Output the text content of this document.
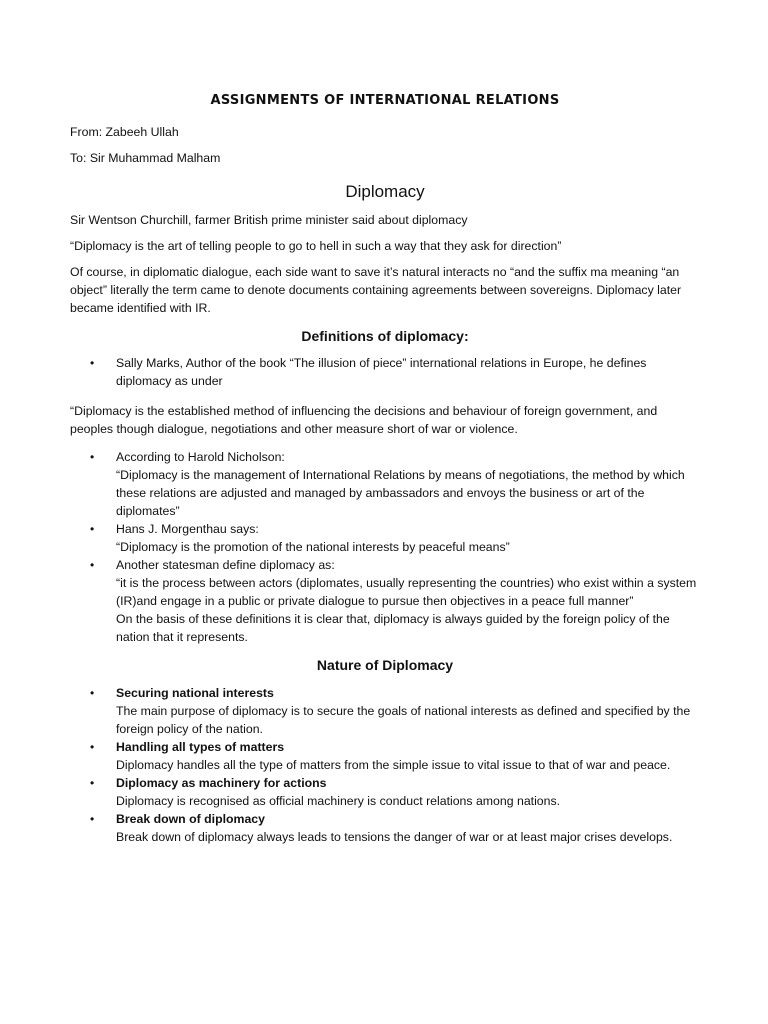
ASSIGNMENTS OF INTERNATIONAL RELATIONS
From: Zabeeh Ullah
To: Sir Muhammad Malham
Diplomacy

Sir Wentson Churchill, farmer British prime minister said about diplomacy

“Diplomacy is the art of telling people to go to hell in such a way that they ask for direction”

Of course, in diplomatic dialogue, each side want to save it’s natural interacts no “and the suffix ma meaning “an object” literally the term came to denote documents containing agreements between sovereigns. Diplomacy later became identified with IR.

Definitions of diplomacy:
• Sally Marks, Author of the book “The illusion of piece” international relations in Europe, he defines diplomacy as under

“Diplomacy is the established method of influencing the decisions and behaviour of foreign government, and peoples though dialogue, negotiations and other measure short of war or violence.

• According to Harold Nicholson:
“Diplomacy is the management of International Relations by means of negotiations, the method by which these relations are adjusted and managed by ambassadors and envoys the business or art of the diplomates”
• Hans J. Morgenthau says:
“Diplomacy is the promotion of the national interests by peaceful means”
• Another statesman define diplomacy as:
“it is the process between actors (diplomates, usually representing the countries) who exist within a system (IR)and engage in a public or private dialogue to pursue then objectives in a peace full manner”
On the basis of these definitions it is clear that, diplomacy is always guided by the foreign policy of the nation that it represents.
Nature of Diplomacy
• Securing national interests
The main purpose of diplomacy is to secure the goals of national interests as defined and specified by the foreign policy of the nation.
• Handling all types of matters
Diplomacy handles all the type of matters from the simple issue to vital issue to that of war and peace.
• Diplomacy as machinery for actions
Diplomacy is recognised as official machinery is conduct relations among nations.
• Break down of diplomacy
Break down of diplomacy always leads to tensions the danger of war or at least major crises develops.
